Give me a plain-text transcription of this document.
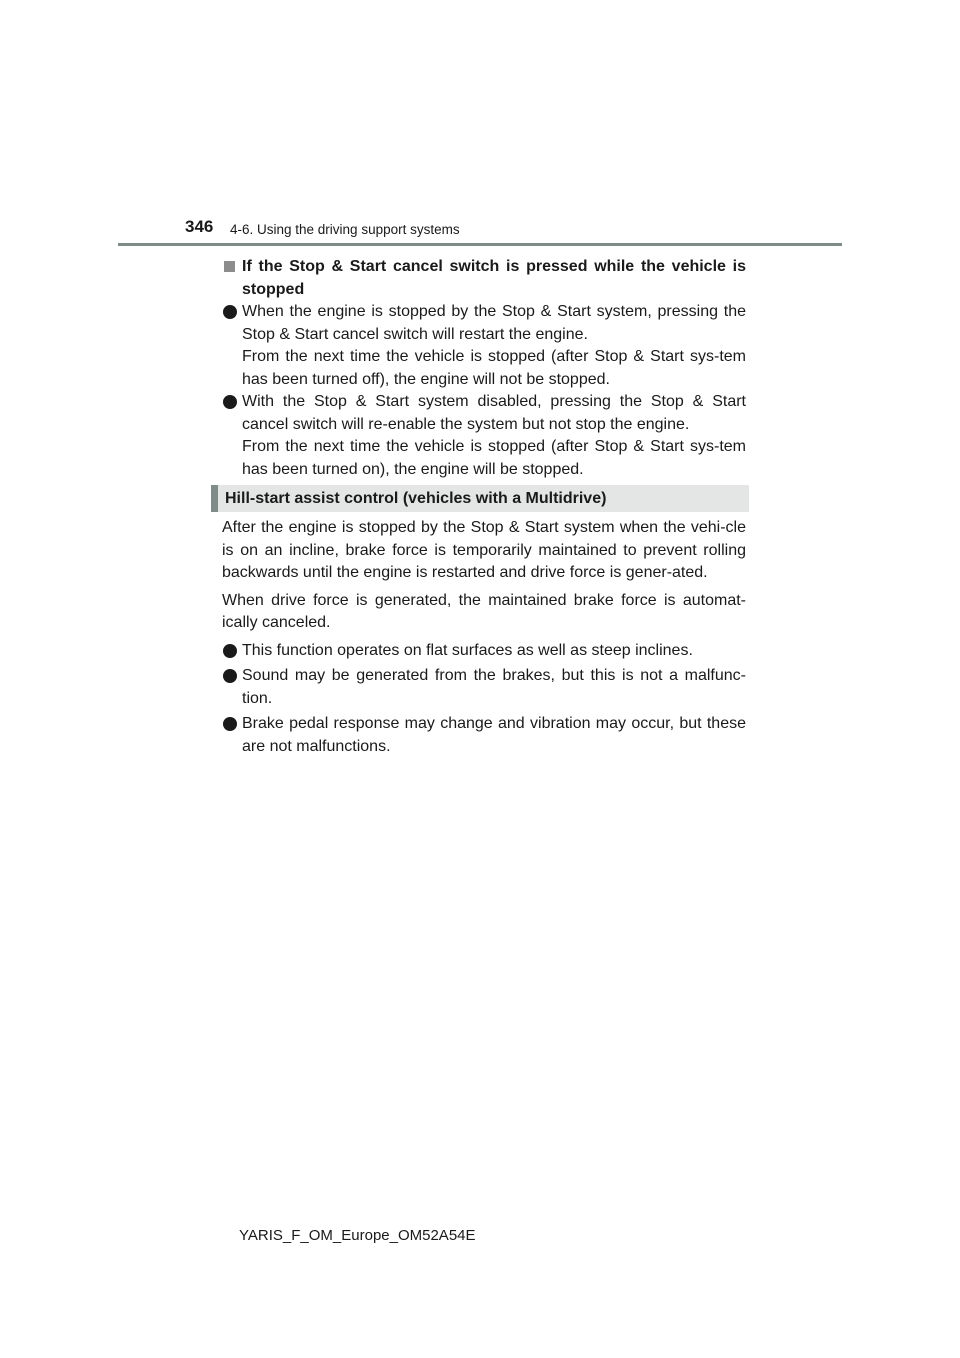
346 4-6. Using the driving support systems
If the Stop & Start cancel switch is pressed while the vehicle is stopped
When the engine is stopped by the Stop & Start system, pressing the Stop & Start cancel switch will restart the engine.
From the next time the vehicle is stopped (after Stop & Start sys-tem has been turned off), the engine will not be stopped.
With the Stop & Start system disabled, pressing the Stop & Start cancel switch will re-enable the system but not stop the engine.
From the next time the vehicle is stopped (after Stop & Start sys-tem has been turned on), the engine will be stopped.
Hill-start assist control (vehicles with a Multidrive)

After the engine is stopped by the Stop & Start system when the vehi-cle is on an incline, brake force is temporarily maintained to prevent rolling backwards until the engine is restarted and drive force is gener-ated.

When drive force is generated, the maintained brake force is automat-ically canceled.

This function operates on flat surfaces as well as steep inclines.
Sound may be generated from the brakes, but this is not a malfunc-tion.
Brake pedal response may change and vibration may occur, but these are not malfunctions.
YARIS_F_OM_Europe_OM52A54E
